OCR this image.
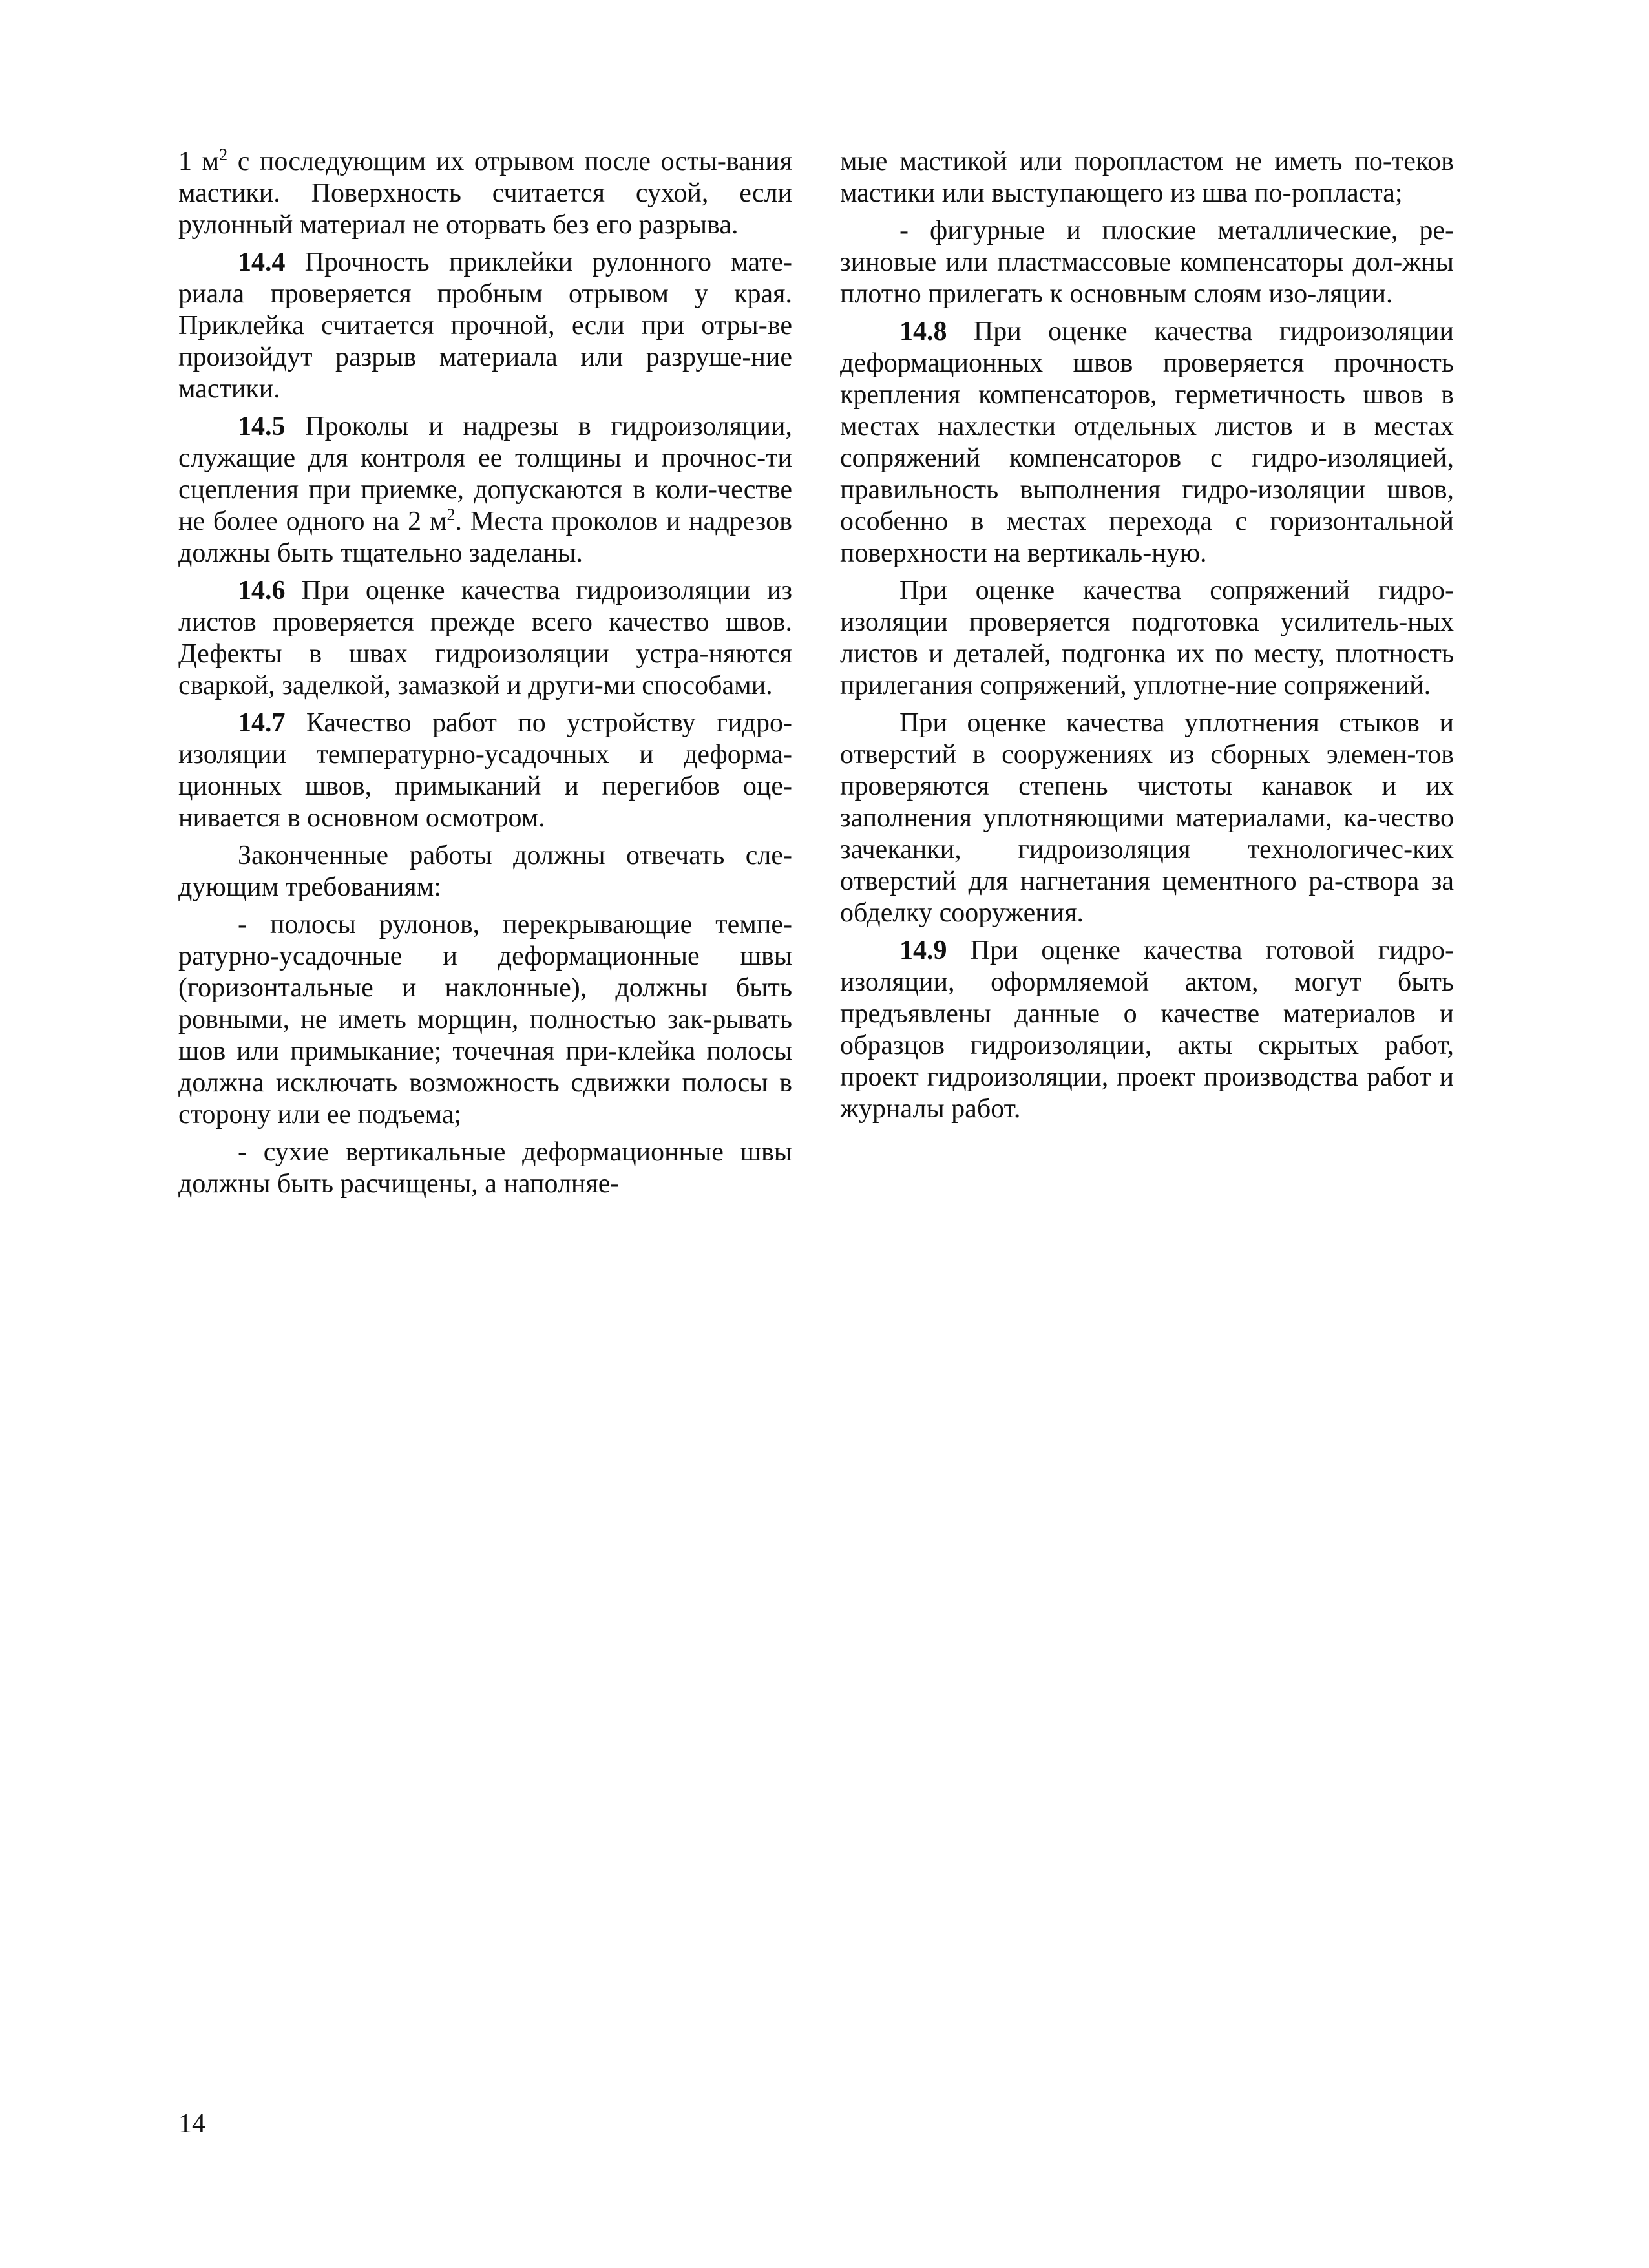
1 $м^2$ с последующим их отрывом после осты-вания мастики. Поверхность считается сухой, если рулонный материал не оторвать без его разрыва.

14.4 Прочность приклейки рулонного мате-риала проверяется пробным отрывом у края. Приклейка считается прочной, если при отры-ве произойдут разрыв материала или разруше-ние мастики.

14.5 Проколы и надрезы в гидроизоляции, служащие для контроля ее толщины и прочнос-ти сцепления при приемке, допускаются в коли-честве не более одного на 2 $м^2$. Места проколов и надрезов должны быть тщательно заделаны.

14.6 При оценке качества гидроизоляции из листов проверяется прежде всего качество швов. Дефекты в швах гидроизоляции устра-няются сваркой, заделкой, замазкой и други-ми способами.

14.7 Качество работ по устройству гидро-изоляции температурно-усадочных и деформа-ционных швов, примыканий и перегибов оце-нивается в основном осмотром.

Законченные работы должны отвечать сле-дующим требованиям:

- полосы рулонов, перекрывающие темпе-ратурно-усадочные и деформационные швы (горизонтальные и наклонные), должны быть ровными, не иметь морщин, полностью зак-рывать шов или примыкание; точечная при-клейка полосы должна исключать возможность сдвижки полосы в сторону или ее подъема;

- сухие вертикальные деформационные швы должны быть расчищены, а наполняе-

мые мастикой или поропластом не иметь по-теков мастики или выступающего из шва по-ропласта;

- фигурные и плоские металлические, ре-зиновые или пластмассовые компенсаторы дол-жны плотно прилегать к основным слоям изо-ляции.

14.8 При оценке качества гидроизоляции деформационных швов проверяется прочность крепления компенсаторов, герметичность швов в местах нахлестки отдельных листов и в местах сопряжений компенсаторов с гидро-изоляцией, правильность выполнения гидро-изоляции швов, особенно в местах перехода с горизонтальной поверхности на вертикаль-ную.

При оценке качества сопряжений гидро-изоляции проверяется подготовка усилитель-ных листов и деталей, подгонка их по месту, плотность прилегания сопряжений, уплотне-ние сопряжений.

При оценке качества уплотнения стыков и отверстий в сооружениях из сборных элемен-тов проверяются степень чистоты канавок и их заполнения уплотняющими материалами, ка-чество зачеканки, гидроизоляция технологичес-ких отверстий для нагнетания цементного ра-створа за обделку сооружения.

14.9 При оценке качества готовой гидро-изоляции, оформляемой актом, могут быть предъявлены данные о качестве материалов и образцов гидроизоляции, акты скрытых работ, проект гидроизоляции, проект производства работ и журналы работ.

14
